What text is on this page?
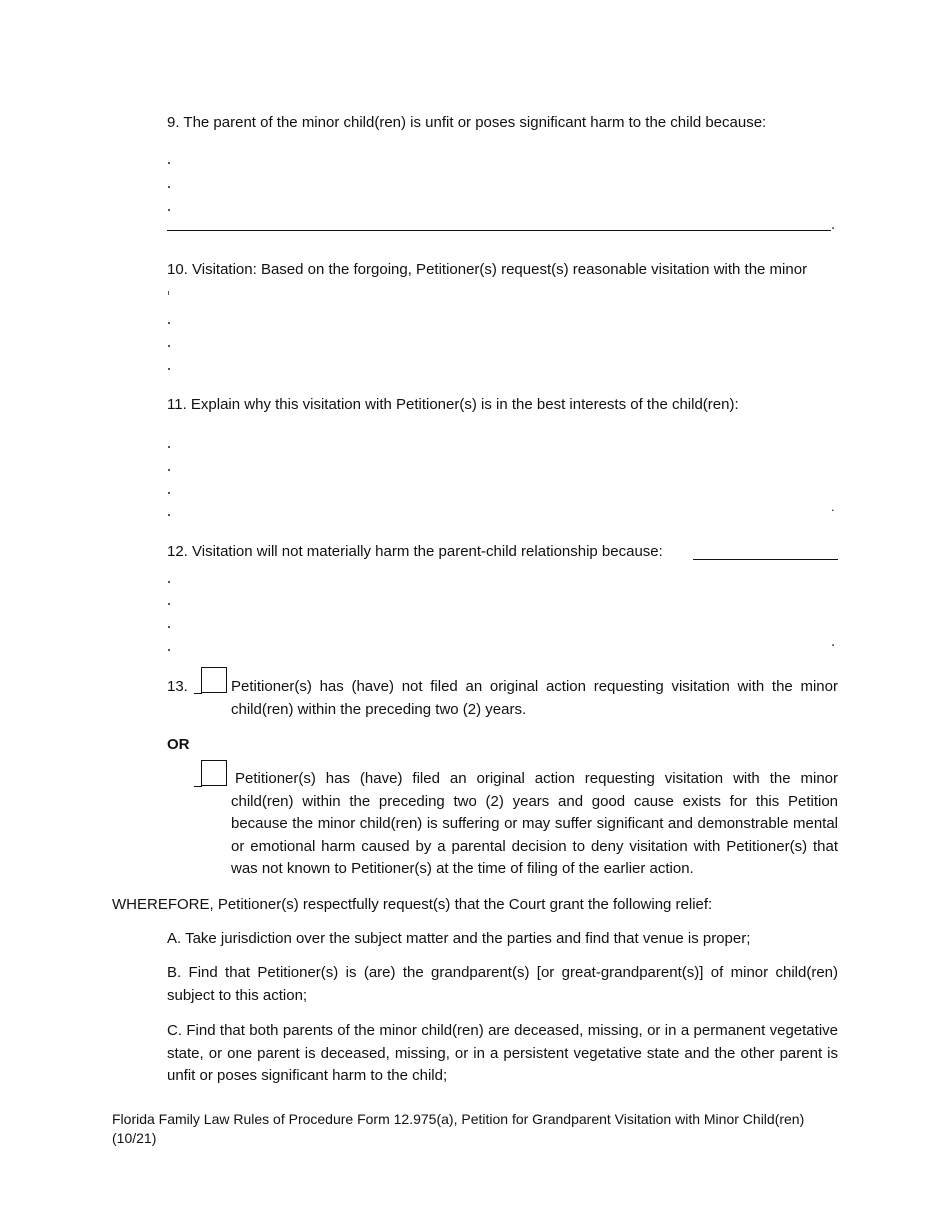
9. The parent of the minor child(ren) is unfit or poses significant harm to the child because:
.
10. Visitation: Based on the forgoing, Petitioner(s) request(s) reasonable visitation with the minor
11. Explain why this visitation with Petitioner(s) is in the best interests of the child(ren):
.
12. Visitation will not materially harm the parent-child relationship because:
.
13.	Petitioner(s) has (have) not filed an original action requesting visitation with the minor child(ren) within the preceding two (2) years.
OR
Petitioner(s) has (have) filed an original action requesting visitation with the minor child(ren) within the preceding two (2) years and good cause exists for this Petition because the minor child(ren) is suffering or may suffer significant and demonstrable mental or emotional harm caused by a parental decision to deny visitation with Petitioner(s) that was not known to Petitioner(s) at the time of filing of the earlier action.
WHEREFORE, Petitioner(s) respectfully request(s) that the Court grant the following relief:
A. Take jurisdiction over the subject matter and the parties and find that venue is proper;
B. Find that Petitioner(s) is (are) the grandparent(s) [or great-grandparent(s)] of minor child(ren) subject to this action;
C. Find that both parents of the minor child(ren) are deceased, missing, or in a permanent vegetative state, or one parent is deceased, missing, or in a persistent vegetative state and the other parent is unfit or poses significant harm to the child;
Florida Family Law Rules of Procedure Form 12.975(a), Petition for Grandparent Visitation with Minor Child(ren)
(10/21)
